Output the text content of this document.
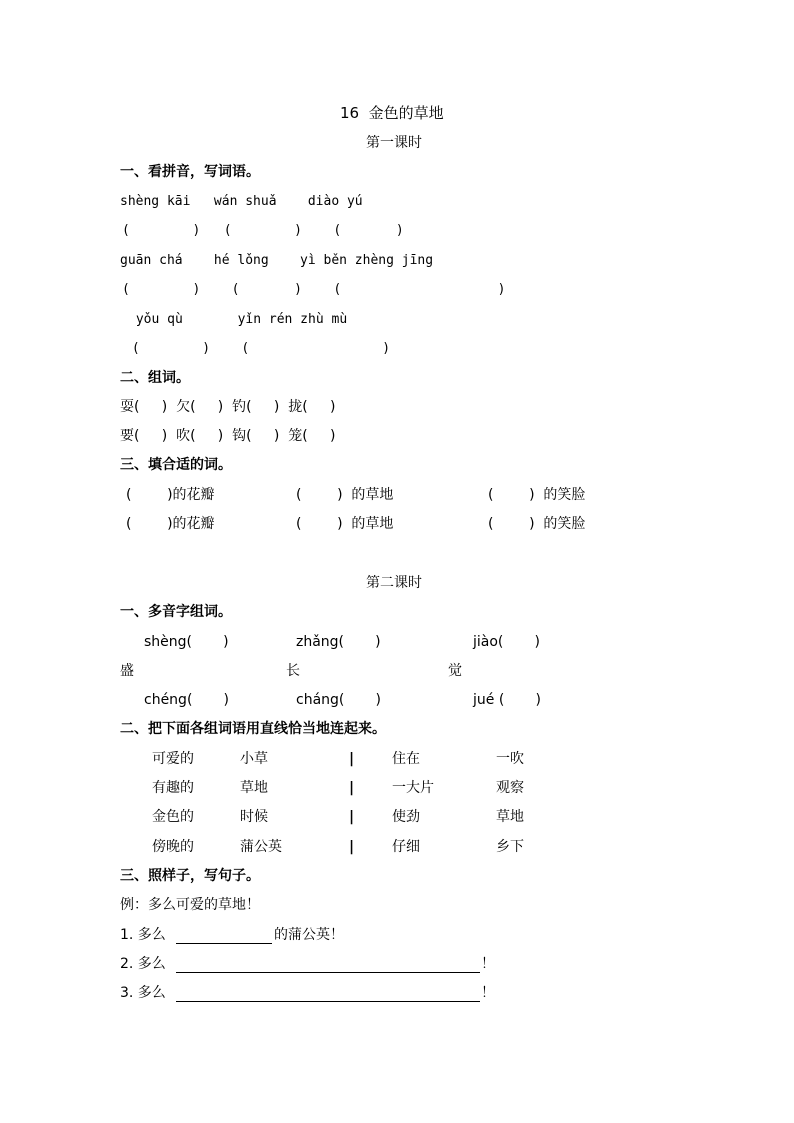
16  金色的草地
第一课时
一、看拼音，写词语。
shèng kāi   wán shuǎ    diào yú
(        )   (        )    (       )
guān chá    hé lǒng    yì běn zhèng jīng
(        )    (       )    (                    )
yǒu qù       yǐn rén zhù mù
(        )    (                 )
二、组词。
耍(     )  欠(     )  钓(     )  拢(     )
要(     )  吹(     )  钩(     )  笼(     )
三、填合适的词。
(        )的花瓣	(        )  的草地	(        )  的笑脸
(        )的花瓣	(        )  的草地	(        )  的笑脸
第二课时
一、多音字组词。
shèng(       )	zhǎng(       )	jiào(       )
盛	长	觉
chéng(       )	cháng(       )	jué (       )
二、把下面各组词语用直线恰当地连起来。
可爱的	小草	|	住在	一吹
有趣的	草地	|	一大片	观察
金色的	时候	|	使劲	草地
傍晚的	蒲公英	|	仔细	乡下
三、照样子，写句子。
例：多么可爱的草地！
1. 多么	的蒲公英！
2. 多么	！
3. 多么	！
